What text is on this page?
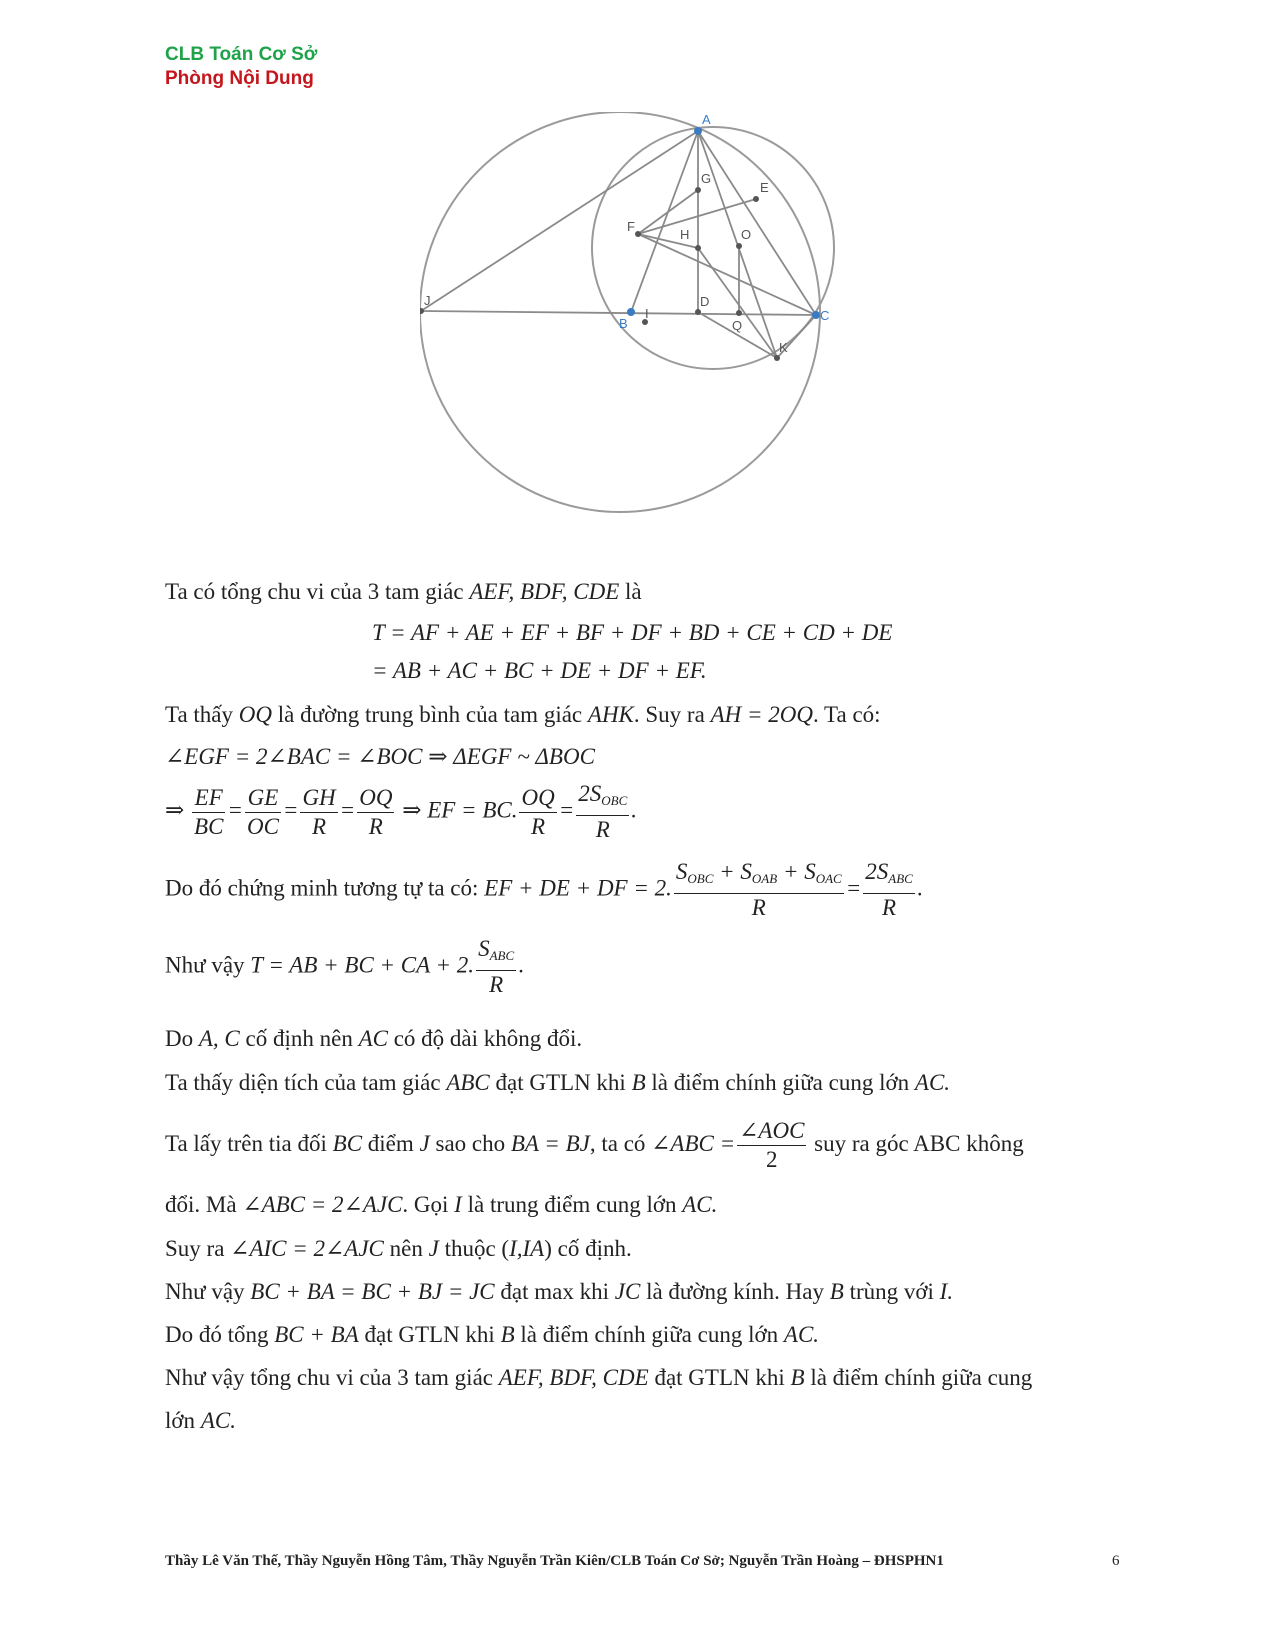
CLB Toán Cơ Sở
Phòng Nội Dung
A
G
E
F
H	O
J
B
I
D
Q
C
K
Ta có tổng chu vi của 3 tam giác AEF, BDF, CDE là
T = AF + AE + EF + BF + DF + BD + CE + CD + DE
= AB + AC + BC + DE + DF + EF.
Ta thấy OQ là đường trung bình của tam giác AHK. Suy ra AH = 2OQ. Ta có:
∠EGF = 2∠BAC = ∠BOC ⇒ ΔEGF ~ ΔBOC
⇒ $\frac{EF}{BC} = \frac{GE}{OC} = \frac{GH}{R} = \frac{OQ}{R}$ ⇒ EF = BC. $\frac{OQ}{R} = \frac{2S_{OBC}}{R}$ .
Do đó chứng minh tương tự ta có: EF + DE + DF = 2. $\frac{S_{OBC} + S_{OAB} + S_{OAC}}{R} = \frac{2S_{ABC}}{R}$ .
Như vậy T = AB + BC + CA + 2. $\frac{S_{ABC}}{R}$ .
Do A, C cố định nên AC có độ dài không đổi.
Ta thấy diện tích của tam giác ABC đạt GTLN khi B là điểm chính giữa cung lớn AC.
Ta lấy trên tia đối BC điểm J sao cho BA = BJ, ta có ∠ABC = $\frac{\text{∠AOC}}{2}$ suy ra góc ABC không
đổi. Mà ∠ABC = 2∠AJC. Gọi I là trung điểm cung lớn AC.
Suy ra ∠AIC = 2∠AJC nên J thuộc (I,IA) cố định.
Như vậy BC + BA = BC + BJ = JC đạt max khi JC là đường kính. Hay B trùng với I.
Do đó tổng BC + BA đạt GTLN khi B là điểm chính giữa cung lớn AC.
Như vậy tổng chu vi của 3 tam giác AEF, BDF, CDE đạt GTLN khi B là điểm chính giữa cung
lớn AC.
Thầy Lê Văn Thế, Thầy Nguyễn Hồng Tâm, Thầy Nguyễn Trần Kiên/CLB Toán Cơ Sở; Nguyễn Trần Hoàng – ĐHSPHN1	6
